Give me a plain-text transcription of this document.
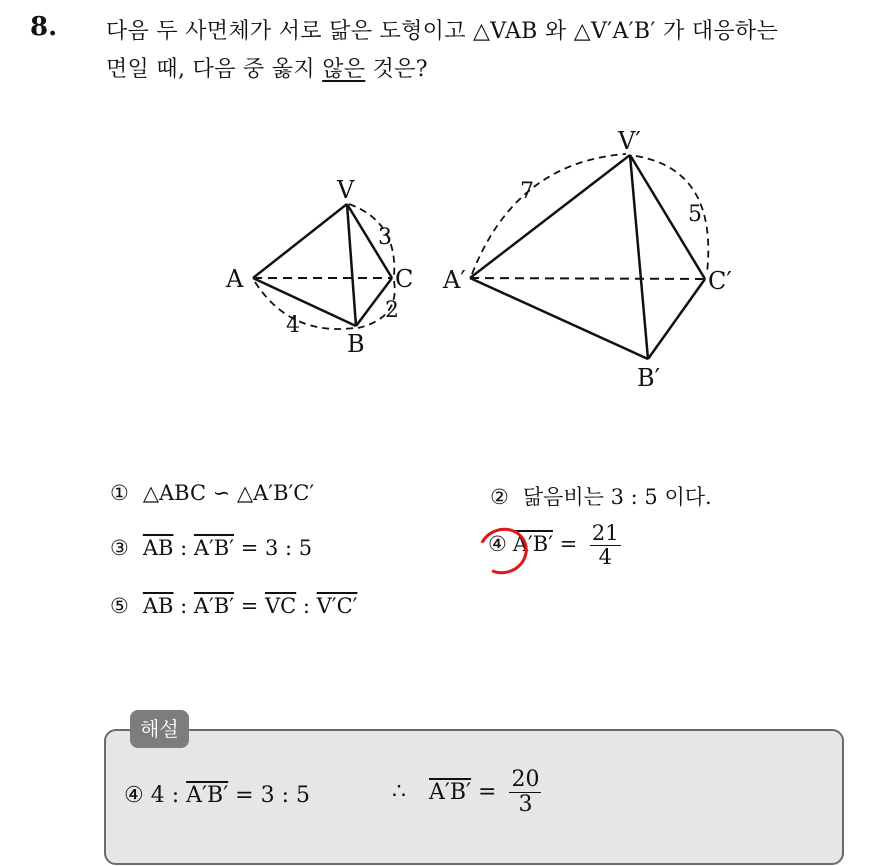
8. 다음 두 사면체가 서로 닮은 도형이고 △VAB 와 △V′A′B′ 가 대응하는
면일 때, 다음 중 옳지 않은 것은?
V
A	C
B
3
2
4
V′
A′	C′
B′
7
5
① △ABC ∽ △A′B′C′	② 닮음비는 3 : 5 이다.
③ $\overline{AB}$ : A′B′ = 3 : 5	④ $A'B' = \frac{21}{4}$
⑤ $\overline{AB}$ : $A'B' = \overline{VC}$ : V′C′
해설
④ 4 : A′B′ = 3 : 5	∴ $A'B' = \frac{20}{3}$
